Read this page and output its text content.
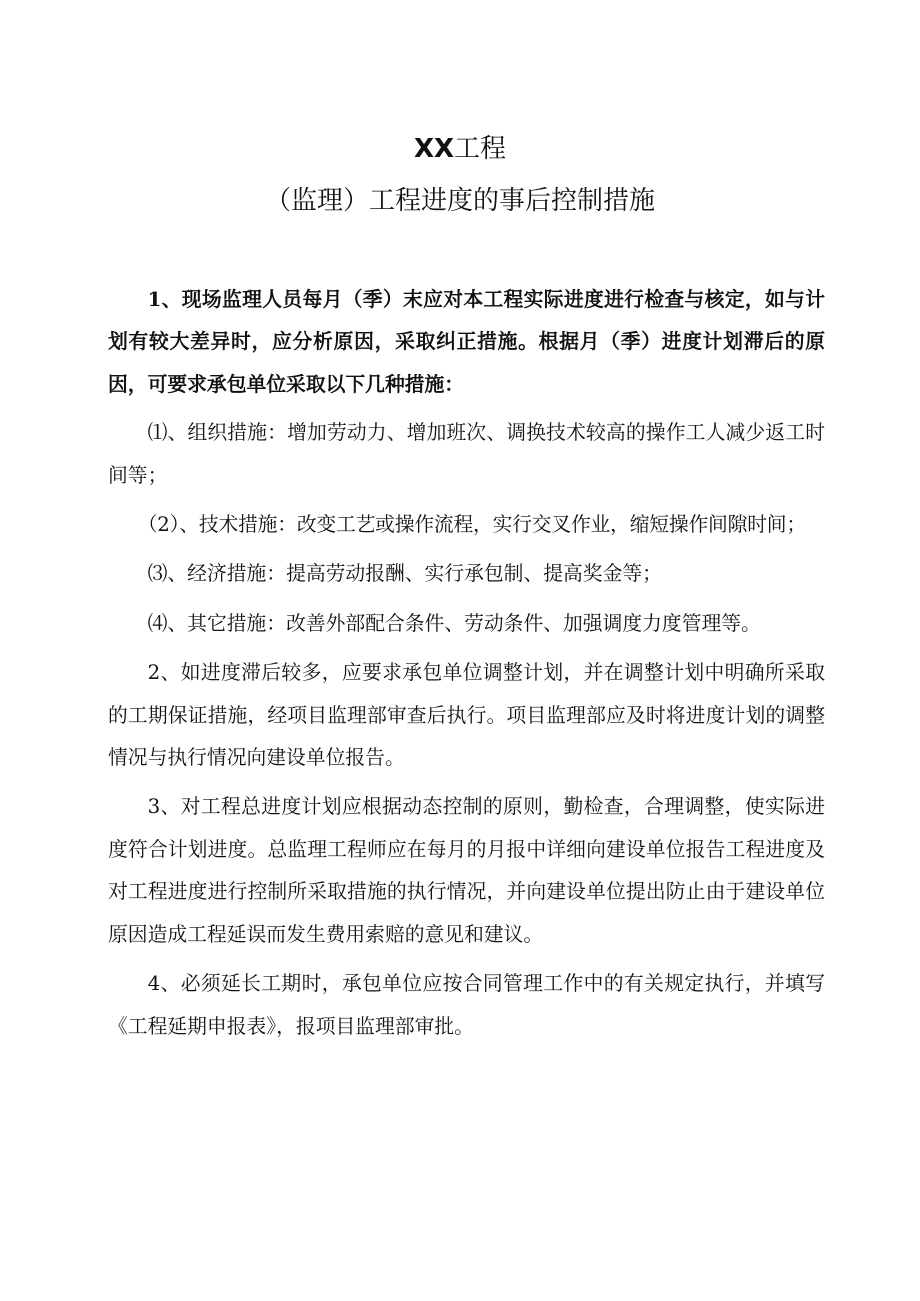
XX工程
（监理）工程进度的事后控制措施

1、现场监理人员每月（季）末应对本工程实际进度进行检查与核定，如与计划有较大差异时，应分析原因，采取纠正措施。根据月（季）进度计划滞后的原因，可要求承包单位采取以下几种措施：

⑴、组织措施：增加劳动力、增加班次、调换技术较高的操作工人减少返工时间等；

（2）、技术措施：改变工艺或操作流程，实行交叉作业，缩短操作间隙时间；

⑶、经济措施：提高劳动报酬、实行承包制、提高奖金等；

⑷、其它措施：改善外部配合条件、劳动条件、加强调度力度管理等。

2、如进度滞后较多，应要求承包单位调整计划，并在调整计划中明确所采取的工期保证措施，经项目监理部审查后执行。项目监理部应及时将进度计划的调整情况与执行情况向建设单位报告。

3、对工程总进度计划应根据动态控制的原则，勤检查，合理调整，使实际进度符合计划进度。总监理工程师应在每月的月报中详细向建设单位报告工程进度及对工程进度进行控制所采取措施的执行情况，并向建设单位提出防止由于建设单位原因造成工程延误而发生费用索赔的意见和建议。

4、必须延长工期时，承包单位应按合同管理工作中的有关规定执行，并填写《工程延期申报表》，报项目监理部审批。
